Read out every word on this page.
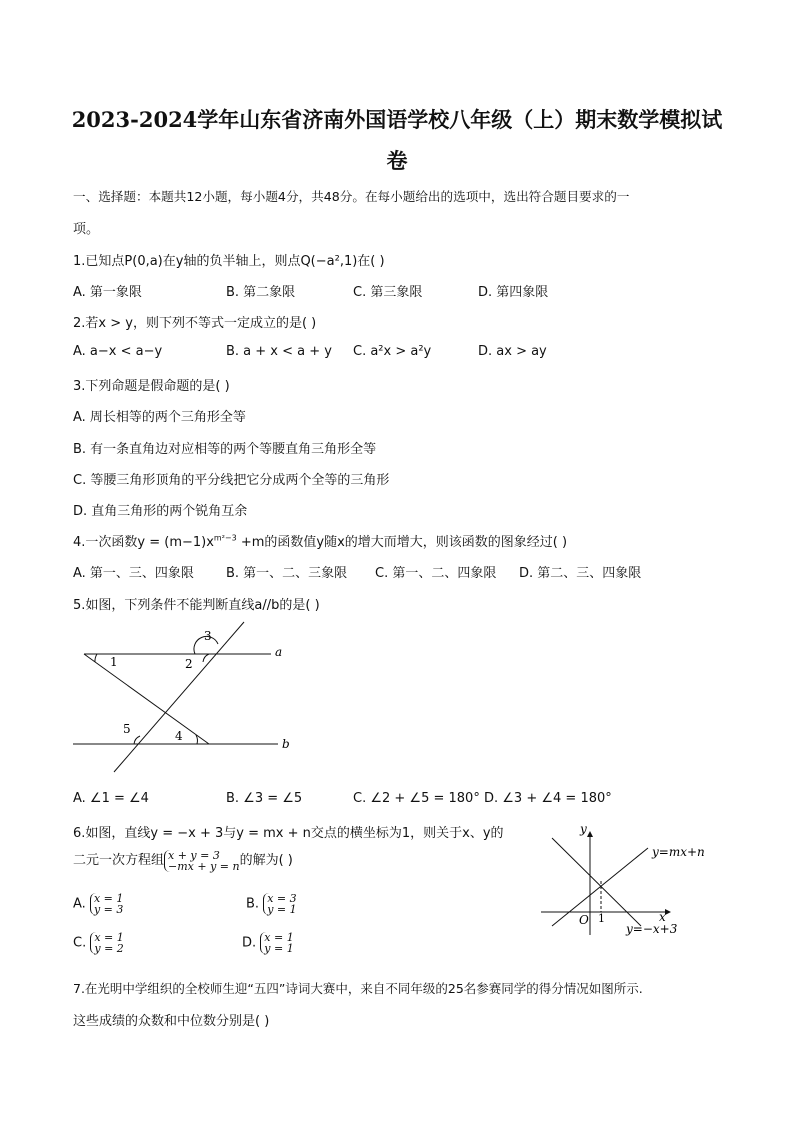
2023-2024学年山东省济南外国语学校八年级（上）期末数学模拟试
卷
一、选择题：本题共12小题，每小题4分，共48分。在每小题给出的选项中，选出符合题目要求的一
项。
1.已知点P(0,a)在y轴的负半轴上，则点Q(−a²,1)在( )
A. 第一象限	B. 第二象限	C. 第三象限	D. 第四象限
2.若x > y，则下列不等式一定成立的是( )
A. a−x < a−y	B. a + x < a + y C. a²x > a²y	D. ax > ay
3.下列命题是假命题的是( )
A. 周长相等的两个三角形全等
B. 有一条直角边对应相等的两个等腰直角三角形全等
C. 等腰三角形顶角的平分线把它分成两个全等的三角形
D. 直角三角形的两个锐角互余
4.一次函数$y = (m-1)x^{m^2-3} +m$的函数值y随x的增大而增大，则该函数的图象经过( )
A. 第一、三、四象限 B. 第一、二、三象限 C. 第一、二、四象限 D. 第二、三、四象限
5.如图，下列条件不能判断直线a//b的是( )
1	2
3
4
5
a
b
A. ∠1 = ∠4	B. ∠3 = ∠5	C. ∠2 + ∠5 = 180° D. ∠3 + ∠4 = 180°
6.如图，直线y = −x + 3与y = mx + n交点的横坐标为1，则关于x、y的
二元一次方程组 x + y = 3
−mx + y = n的解为( )
A. x = 1
y = 3	B. x = 3
y = 1
C. x = 1
y = 2	D. x = 1
y = 1
y
x
O 1
y=mx+n
y=−x+3
7.在光明中学组织的全校师生迎“五四”诗词大赛中，来自不同年级的25名参赛同学的得分情况如图所示.
这些成绩的众数和中位数分别是( )
